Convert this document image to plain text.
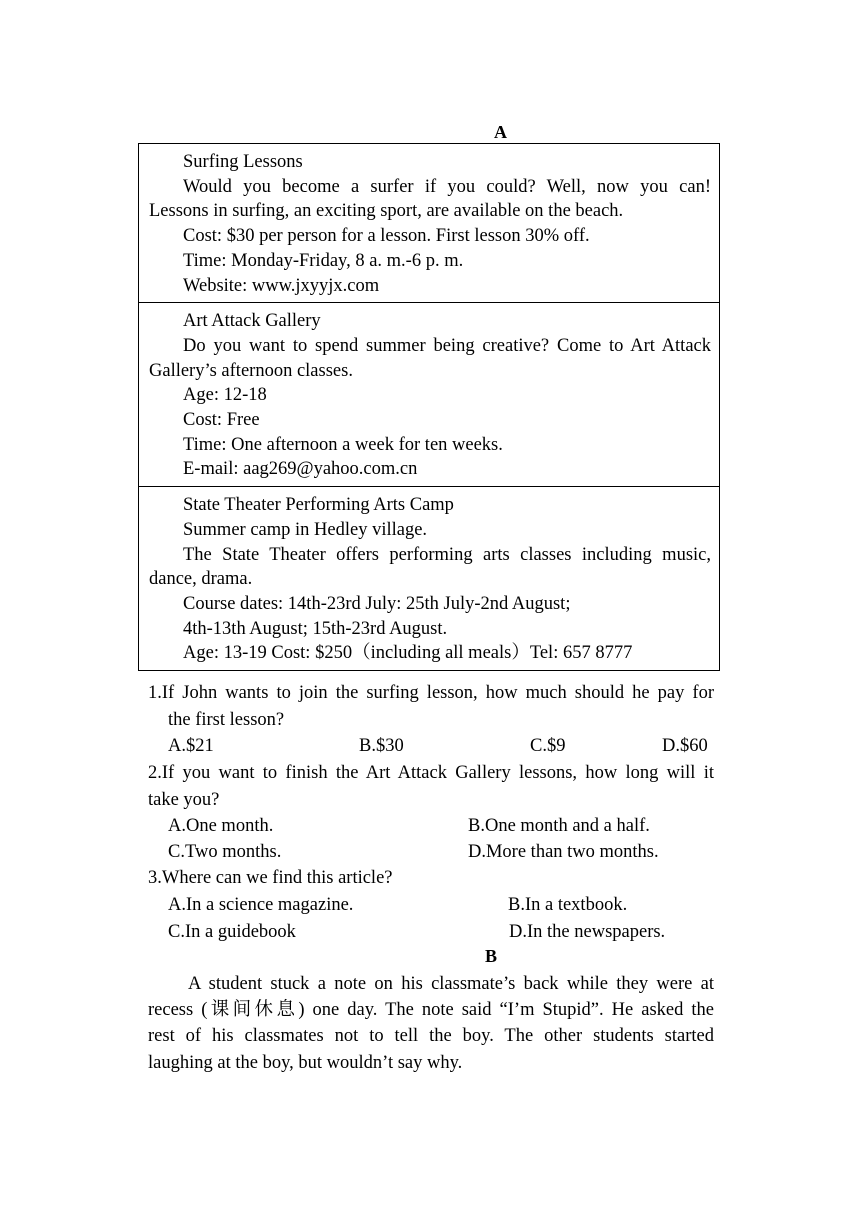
A
Surfing Lessons
Would you become a surfer if you could? Well, now you can!
Lessons in surfing, an exciting sport, are available on the beach.
Cost: $30 per person for a lesson. First lesson 30% off.
Time: Monday-Friday, 8 a. m.-6 p. m.
Website: www.jxyyjx.com
Art Attack Gallery
Do you want to spend summer being creative? Come to Art Attack
Gallery’s afternoon classes.
Age: 12-18
Cost: Free
Time: One afternoon a week for ten weeks.
E-mail: aag269@yahoo.com.cn
State Theater Performing Arts Camp
Summer camp in Hedley village.
The State Theater offers performing arts classes including music,
dance, drama.
Course dates: 14th-23rd July: 25th July-2nd August;
4th-13th August; 15th-23rd August.
Age: 13-19 Cost: $250（including all meals）Tel: 657 8777
1.If John wants to join the surfing lesson, how much should he pay for
the first lesson?
A.$21	B.$30	C.$9	D.$60
2.If you want to finish the Art Attack Gallery lessons, how long will it
take you?
A.One month.	B.One month and a half.
C.Two months.	D.More than two months.
3.Where can we find this article?
A.In a science magazine.	B.In a textbook.
C.In a guidebook	D.In the newspapers.
B
A student stuck a note on his classmate’s back while they were at
recess (课间休息) one day. The note said “I’m Stupid”. He asked the
rest of his classmates not to tell the boy. The other students started
laughing at the boy, but wouldn’t say why.
